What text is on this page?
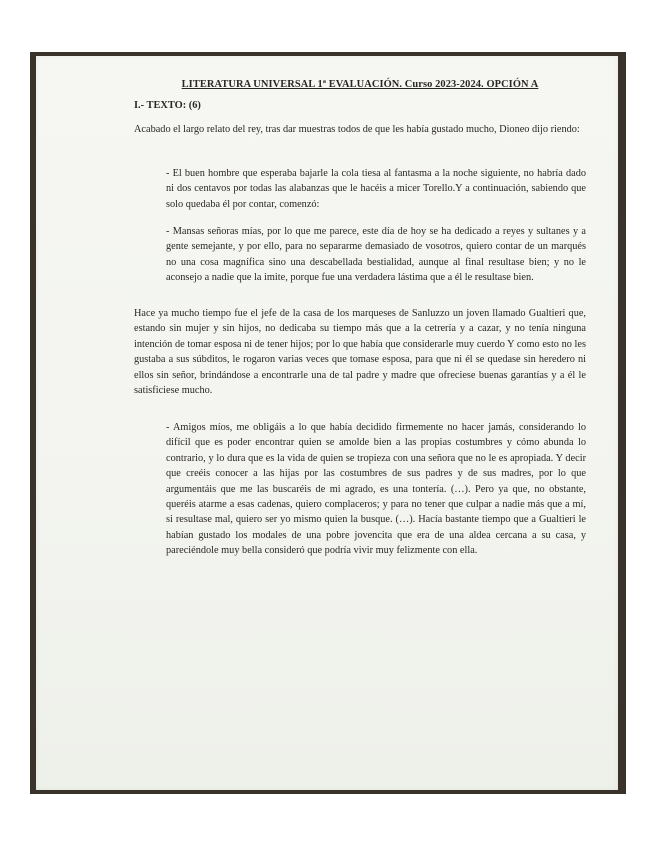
LITERATURA UNIVERSAL 1ª EVALUACIÓN. Curso 2023-2024. OPCIÓN A
I.- TEXTO: (6)

Acabado el largo relato del rey, tras dar muestras todos de que les había gustado mucho, Dioneo dijo riendo:

- El buen hombre que esperaba bajarle la cola tiesa al fantasma a la noche siguiente, no habría dado ni dos centavos por todas las alabanzas que le hacéis a micer Torello.Y a continuación, sabiendo que solo quedaba él por contar, comenzó:

- Mansas señoras mías, por lo que me parece, este día de hoy se ha dedicado a reyes y sultanes y a gente semejante, y por ello, para no separarme demasiado de vosotros, quiero contar de un marqués no una cosa magnífica sino una descabellada bestialidad, aunque al final resultase bien; y no le aconsejo a nadie que la imite, porque fue una verdadera lástima que a él le resultase bien.

Hace ya mucho tiempo fue el jefe de la casa de los marqueses de Sanluzzo un joven llamado Gualtieri que, estando sin mujer y sin hijos, no dedicaba su tiempo más que a la cetrería y a cazar, y no tenía ninguna intención de tomar esposa ni de tener hijos; por lo que había que considerarle muy cuerdo Y como esto no les gustaba a sus súbditos, le rogaron varias veces que tomase esposa, para que ni él se quedase sin heredero ni ellos sin señor, brindándose a encontrarle una de tal padre y madre que ofreciese buenas garantías y a él le satisficiese mucho.

- Amigos míos, me obligáis a lo que había decidido firmemente no hacer jamás, considerando lo difícil que es poder encontrar quien se amolde bien a las propias costumbres y cómo abunda lo contrario, y lo dura que es la vida de quien se tropieza con una señora que no le es apropiada. Y decir que creéis conocer a las hijas por las costumbres de sus padres y de sus madres, por lo que argumentáis que me las buscaréis de mi agrado, es una tontería. (…). Pero ya que, no obstante, queréis atarme a esas cadenas, quiero complaceros; y para no tener que culpar a nadie más que a mí, si resultase mal, quiero ser yo mismo quien la busque. (…). Hacía bastante tiempo que a Gualtieri le habían gustado los modales de una pobre jovencita que era de una aldea cercana a su casa, y pareciéndole muy bella consideró que podría vivir muy felizmente con ella.
